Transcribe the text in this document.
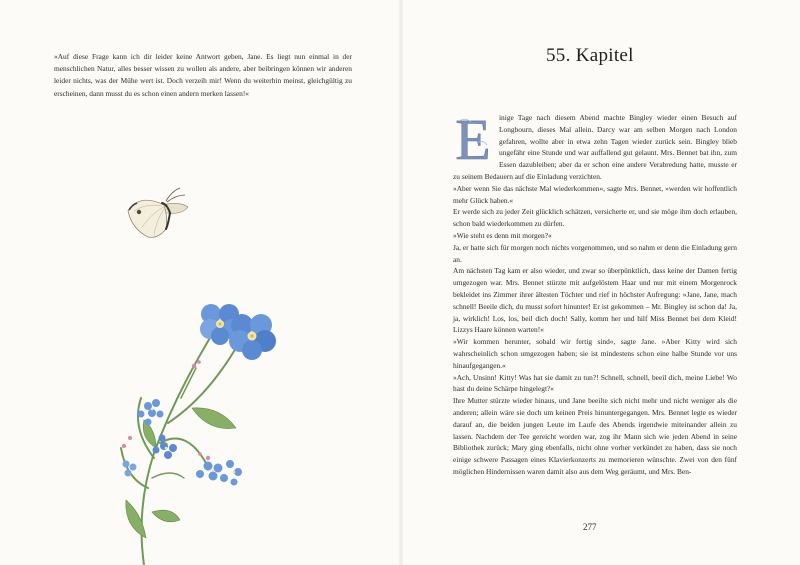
»Auf diese Frage kann ich dir leider keine Antwort geben, Jane. Es liegt nun einmal in der menschlichen Natur, alles besser wissen zu wollen als andere, aber beibringen können wir anderen leider nichts, was der Mühe wert ist. Doch verzeih mir! Wenn du weiterhin meinst, gleichgültig zu erscheinen, dann musst du es schon einen andern merken lassen!«

55. Kapitel

E inige Tage nach diesem Abend machte Bingley wieder einen Besuch auf Longbourn, dieses Mal allein. Darcy war am selben Morgen nach London gefahren, wollte aber in etwa zehn Tagen wieder zurück sein. Bingley blieb ungefähr eine Stunde und war auffallend gut gelaunt. Mrs. Bennet bat ihn, zum Essen dazubleiben; aber da er schon eine andere Verabredung hatte, musste er zu seinem Bedauern auf die Einladung verzichten.

»Aber wenn Sie das nächste Mal wiederkommen«, sagte Mrs. Bennet, »werden wir hoffentlich mehr Glück haben.«

Er werde sich zu jeder Zeit glücklich schätzen, versicherte er, und sie möge ihm doch erlauben, schon bald wiederkommen zu dürfen.

»Wie steht es denn mit morgen?«

Ja, er hatte sich für morgen noch nichts vorgenommen, und so nahm er denn die Einladung gern an.

Am nächsten Tag kam er also wieder, und zwar so überpünktlich, dass keine der Damen fertig umgezogen war. Mrs. Bennet stürzte mit aufgelöstem Haar und nur mit einem Morgenrock bekleidet ins Zimmer ihrer ältesten Töchter und rief in höchster Aufregung: »Jane, Jane, mach schnell! Beeile dich, du musst sofort hinunter! Er ist gekommen – Mr. Bingley ist schon da! Ja, ja, wirklich! Los, los, beil dich doch! Sally, komm her und hilf Miss Bennet bei dem Kleid! Lizzys Haare können warten!«

»Wir kommen herunter, sobald wir fertig sind«, sagte Jane. »Aber Kitty wird sich wahrscheinlich schon umgezogen haben; sie ist mindestens schon eine halbe Stunde vor uns hinaufgegangen.«

»Ach, Unsinn! Kitty! Was hat sie damit zu tun?! Schnell, schnell, beeil dich, meine Liebe! Wo hast du deine Schärpe hingelegt?«

Ihre Mutter stürzte wieder hinaus, und Jane beeilte sich nicht mehr und nicht weniger als die anderen; allein wäre sie doch um keinen Preis hinuntergegangen. Mrs. Bennet legte es wieder darauf an, die beiden jungen Leute im Laufe des Abends irgendwie miteinander allein zu lassen. Nachdem der Tee gereicht worden war, zog ihr Mann sich wie jeden Abend in seine Bibliothek zurück; Mary ging ebenfalls, nicht ohne vorher verkündet zu haben, dass sie noch einige schwere Passagen eines Klavierkonzerts zu memorieren wünschte. Zwei von den fünf möglichen Hindernissen waren damit also aus dem Weg geräumt, und Mrs. Ben-

277
